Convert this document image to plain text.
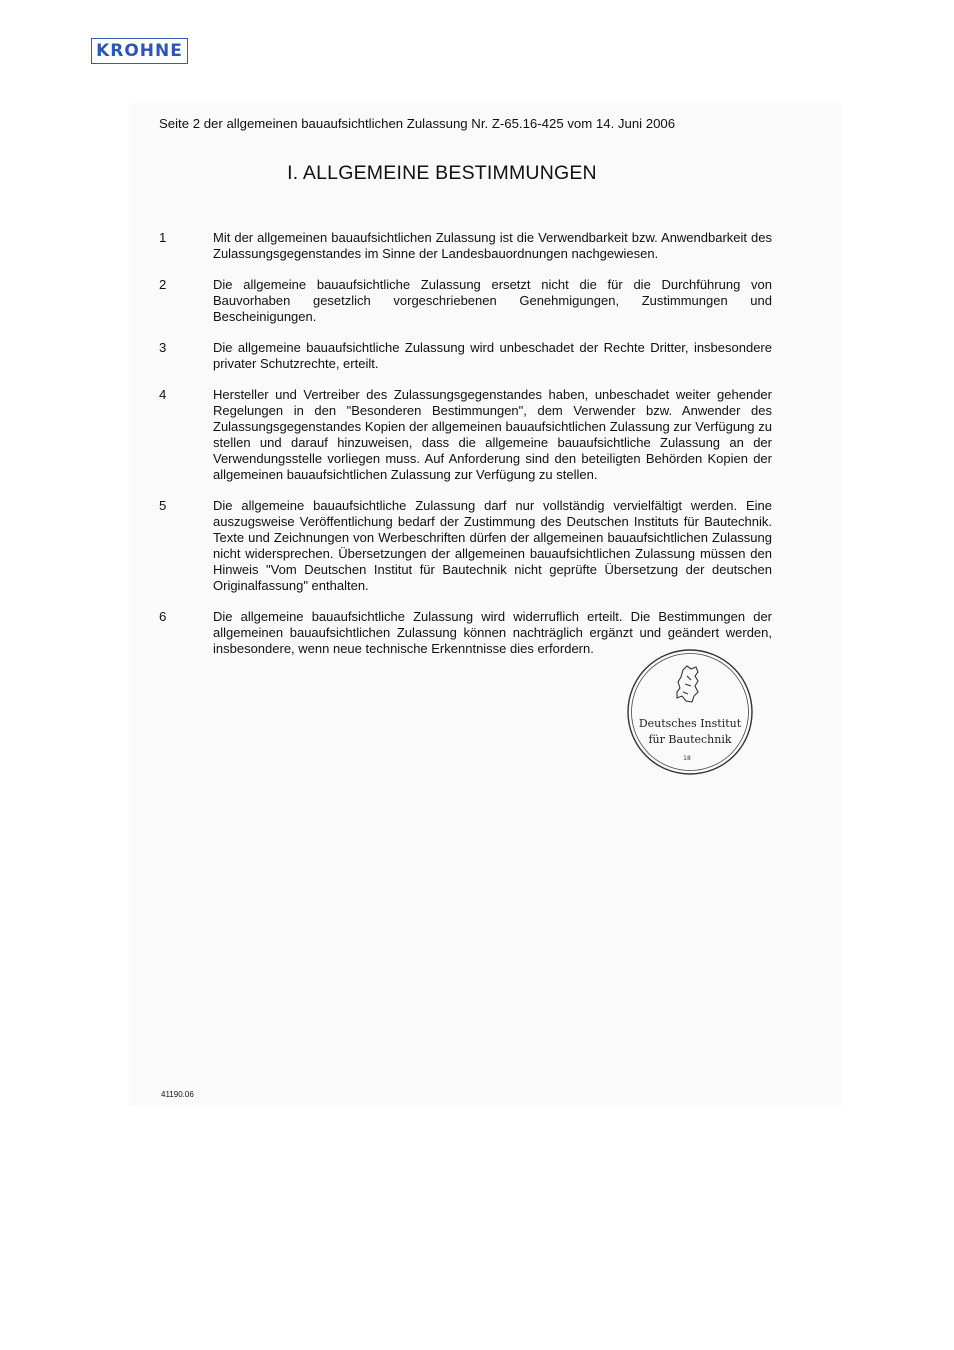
KROHNE
Seite 2 der allgemeinen bauaufsichtlichen Zulassung Nr. Z-65.16-425 vom 14. Juni 2006
I. ALLGEMEINE BESTIMMUNGEN
1	Mit der allgemeinen bauaufsichtlichen Zulassung ist die Verwendbarkeit bzw. Anwendbarkeit des Zulassungsgegenstandes im Sinne der Landesbauordnungen nachgewiesen.
2	Die allgemeine bauaufsichtliche Zulassung ersetzt nicht die für die Durchführung von Bauvorhaben gesetzlich vorgeschriebenen Genehmigungen, Zustimmungen und Bescheinigungen.
3	Die allgemeine bauaufsichtliche Zulassung wird unbeschadet der Rechte Dritter, insbesondere privater Schutzrechte, erteilt.
4	Hersteller und Vertreiber des Zulassungsgegenstandes haben, unbeschadet weiter gehender Regelungen in den "Besonderen Bestimmungen", dem Verwender bzw. Anwender des Zulassungsgegenstandes Kopien der allgemeinen bauaufsichtlichen Zulassung zur Verfügung zu stellen und darauf hinzuweisen, dass die allgemeine bauaufsichtliche Zulassung an der Verwendungsstelle vorliegen muss. Auf Anforderung sind den beteiligten Behörden Kopien der allgemeinen bauaufsichtlichen Zulassung zur Verfügung zu stellen.
5	Die allgemeine bauaufsichtliche Zulassung darf nur vollständig vervielfältigt werden. Eine auszugsweise Veröffentlichung bedarf der Zustimmung des Deutschen Instituts für Bautechnik. Texte und Zeichnungen von Werbeschriften dürfen der allgemeinen bauaufsichtlichen Zulassung nicht widersprechen. Übersetzungen der allgemeinen bauaufsichtlichen Zulassung müssen den Hinweis "Vom Deutschen Institut für Bautechnik nicht geprüfte Übersetzung der deutschen Originalfassung" enthalten.
6	Die allgemeine bauaufsichtliche Zulassung wird widerruflich erteilt. Die Bestimmungen der allgemeinen bauaufsichtlichen Zulassung können nachträglich ergänzt und geändert werden, insbesondere, wenn neue technische Erkenntnisse dies erfordern.
Deutsches Institut
für Bautechnik
18
41190.06
